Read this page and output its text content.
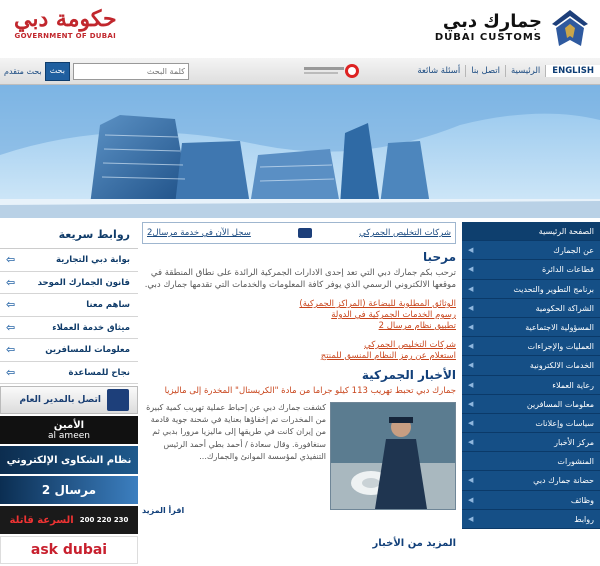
جمارك دبي
DUBAI CUSTOMS
حكومة دبي
GOVERNMENT OF DUBAI
ENGLISH
الرئيسية
اتصل بنا
أسئلة شائعة
بحث متقدم	بحث
كلمة البحث
الصفحة الرئيسية
عن الجمارك
◀
قطاعات الدائرة
◀
برنامج التطوير والتحديث
◀
الشراكة الحكومية
◀
المسؤولية الاجتماعية
◀
العمليات والإجراءات
◀
الخدمات الالكترونية
◀
رعاية العملاء
◀
معلومات المسافرين
◀
سياسات وإعلانات
◀
مركز الأخبار
◀
المنشورات
حضانة جمارك دبي
◀
وظائف
◀
روابط
◀
روابط سريعة
بوابة دبي التجارية
⇦
قانون الجمارك الموحد
⇦
ساهم معنا
⇦
ميثاق خدمة العملاء
⇦
معلومات للمسافرين
⇦
نجاح للمساعدة
⇦
اتصل بالمدير العام
الأمين
al ameen
نظام الشكاوى الإلكتروني
مرسال 2
السرعة قاتلة 200 220 230
ask dubai
سجل الآن في خدمة مرسال2	شركات التخليص الجمركي
مرحبا
ترحب بكم جمارك دبي التي تعد إحدى الادارات الجمركية الرائدة على نطاق المنطقة في موقعها الالكتروني الرسمي الذي يوفر كافة المعلومات والخدمات التي تقدمها جمارك دبي.
الوثائق المطلوبة للبضاعة (المراكز الجمركية)
رسوم الخدمات الجمركية في الدولة
تطبيق نظام مرسال 2
شركات التخليص الجمركي
استعلام عن رمز النظام المنسق للمنتج
الأخبار الجمركية
جمارك دبي تحبط تهريب 113 كيلو جراما من مادة "الكريستال" المخدرة إلى ماليزيا
كشفت جمارك دبي عن إحباط عملية تهريب كمية كبيرة من المخدرات تم إخفاؤها بعناية في شحنة جوية قادمة من إيران كانت في طريقها إلى ماليزيا مرورا بدبي ثم سنغافورة. وقال سعادة / أحمد بطي أحمد الرئيس التنفيذي لمؤسسة الموانئ والجمارك...
اقرأ المزيد
المزيد من الأخبار
